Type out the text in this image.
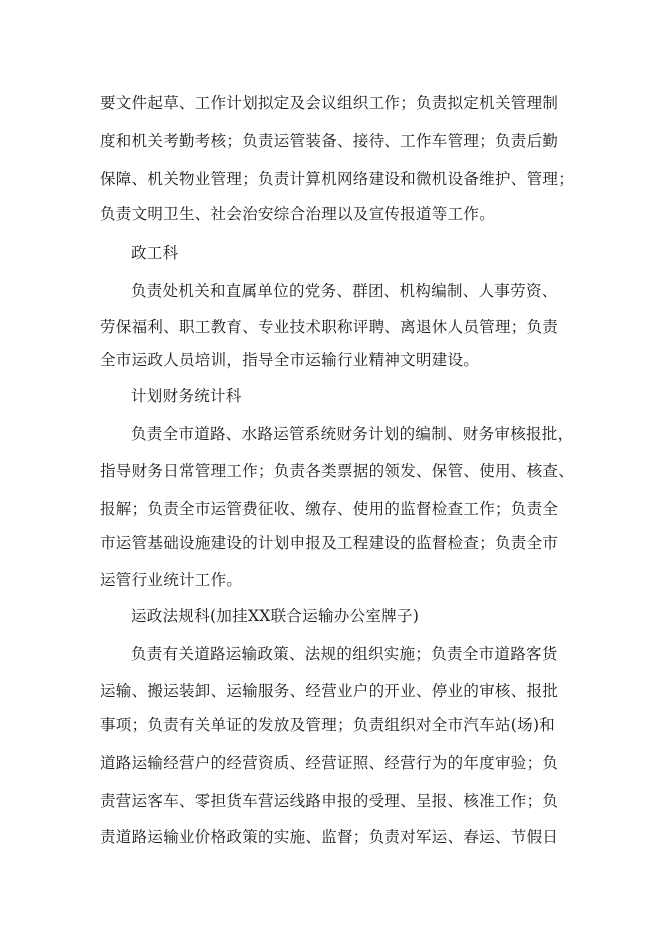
要文件起草、工作计划拟定及会议组织工作；负责拟定机关管理制
度和机关考勤考核；负责运管装备、接待、工作车管理；负责后勤
保障、机关物业管理；负责计算机网络建设和微机设备维护、管理；
负责文明卫生、社会治安综合治理以及宣传报道等工作。
政工科
负责处机关和直属单位的党务、群团、机构编制、人事劳资、
劳保福利、职工教育、专业技术职称评聘、离退休人员管理；负责
全市运政人员培训，指导全市运输行业精神文明建设。
计划财务统计科
负责全市道路、水路运管系统财务计划的编制、财务审核报批，
指导财务日常管理工作；负责各类票据的领发、保管、使用、核查、
报解；负责全市运管费征收、缴存、使用的监督检查工作；负责全
市运管基础设施建设的计划申报及工程建设的监督检查；负责全市
运管行业统计工作。
运政法规科(加挂XX联合运输办公室牌子)
负责有关道路运输政策、法规的组织实施；负责全市道路客货
运输、搬运装卸、运输服务、经营业户的开业、停业的审核、报批
事项；负责有关单证的发放及管理；负责组织对全市汽车站(场)和
道路运输经营户的经营资质、经营证照、经营行为的年度审验；负
责营运客车、零担货车营运线路申报的受理、呈报、核准工作；负
责道路运输业价格政策的实施、监督；负责对军运、春运、节假日
